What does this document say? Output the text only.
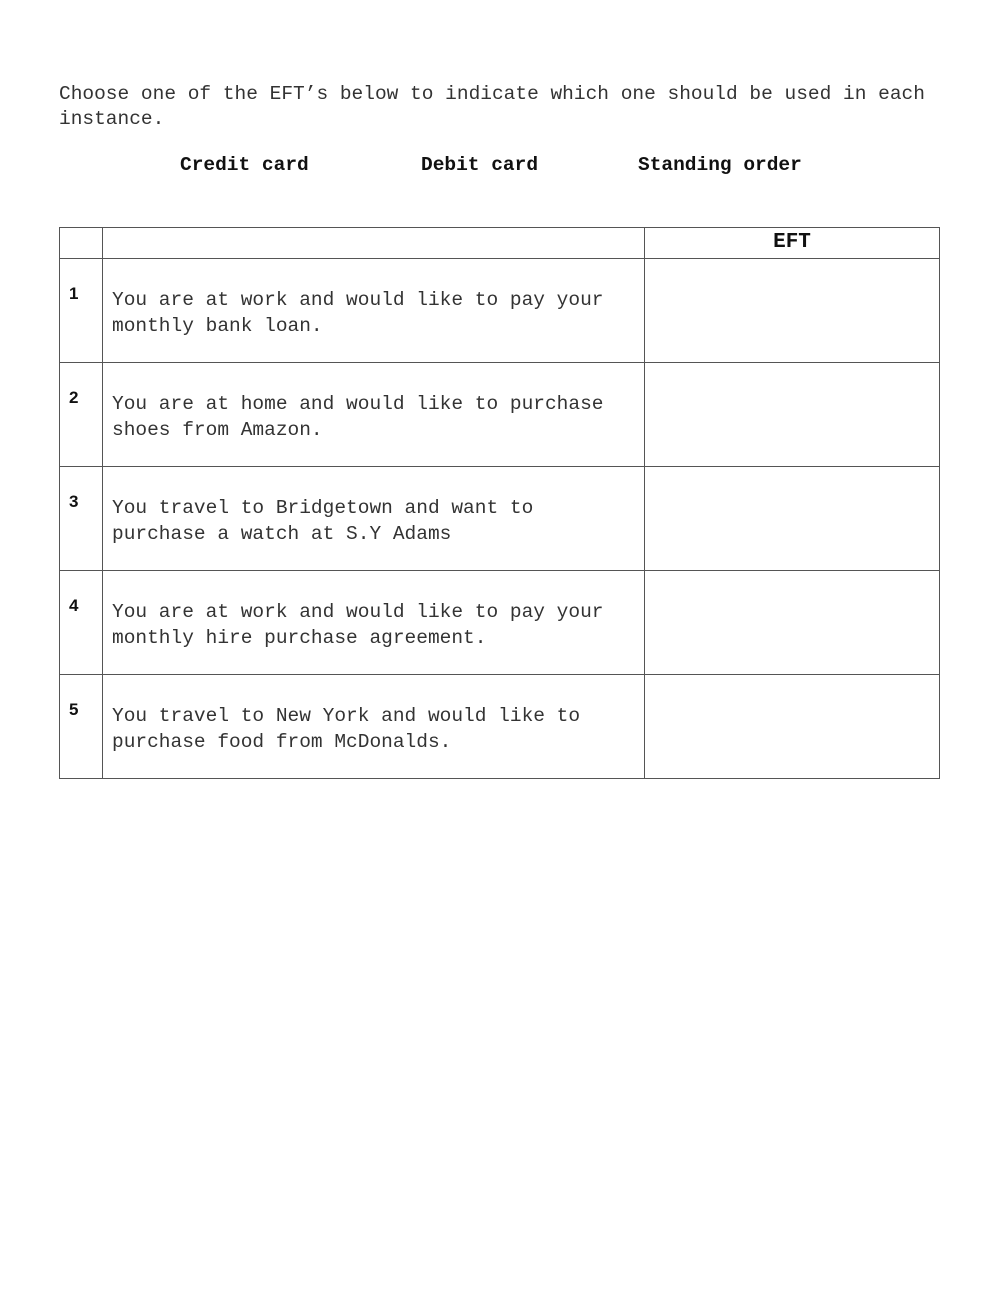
Choose one of the EFT’s below to indicate which one should be used in each instance.

Credit card	Debit card	Standing order
		EFT

1	You are at work and would like to pay your monthly bank loan.	

2	You are at home and would like to purchase shoes from Amazon.	

3	You travel to Bridgetown and want to purchase a watch at S.Y Adams	

4	You are at work and would like to pay your monthly hire purchase agreement.	

5	You travel to New York and would like to purchase food from McDonalds.	
